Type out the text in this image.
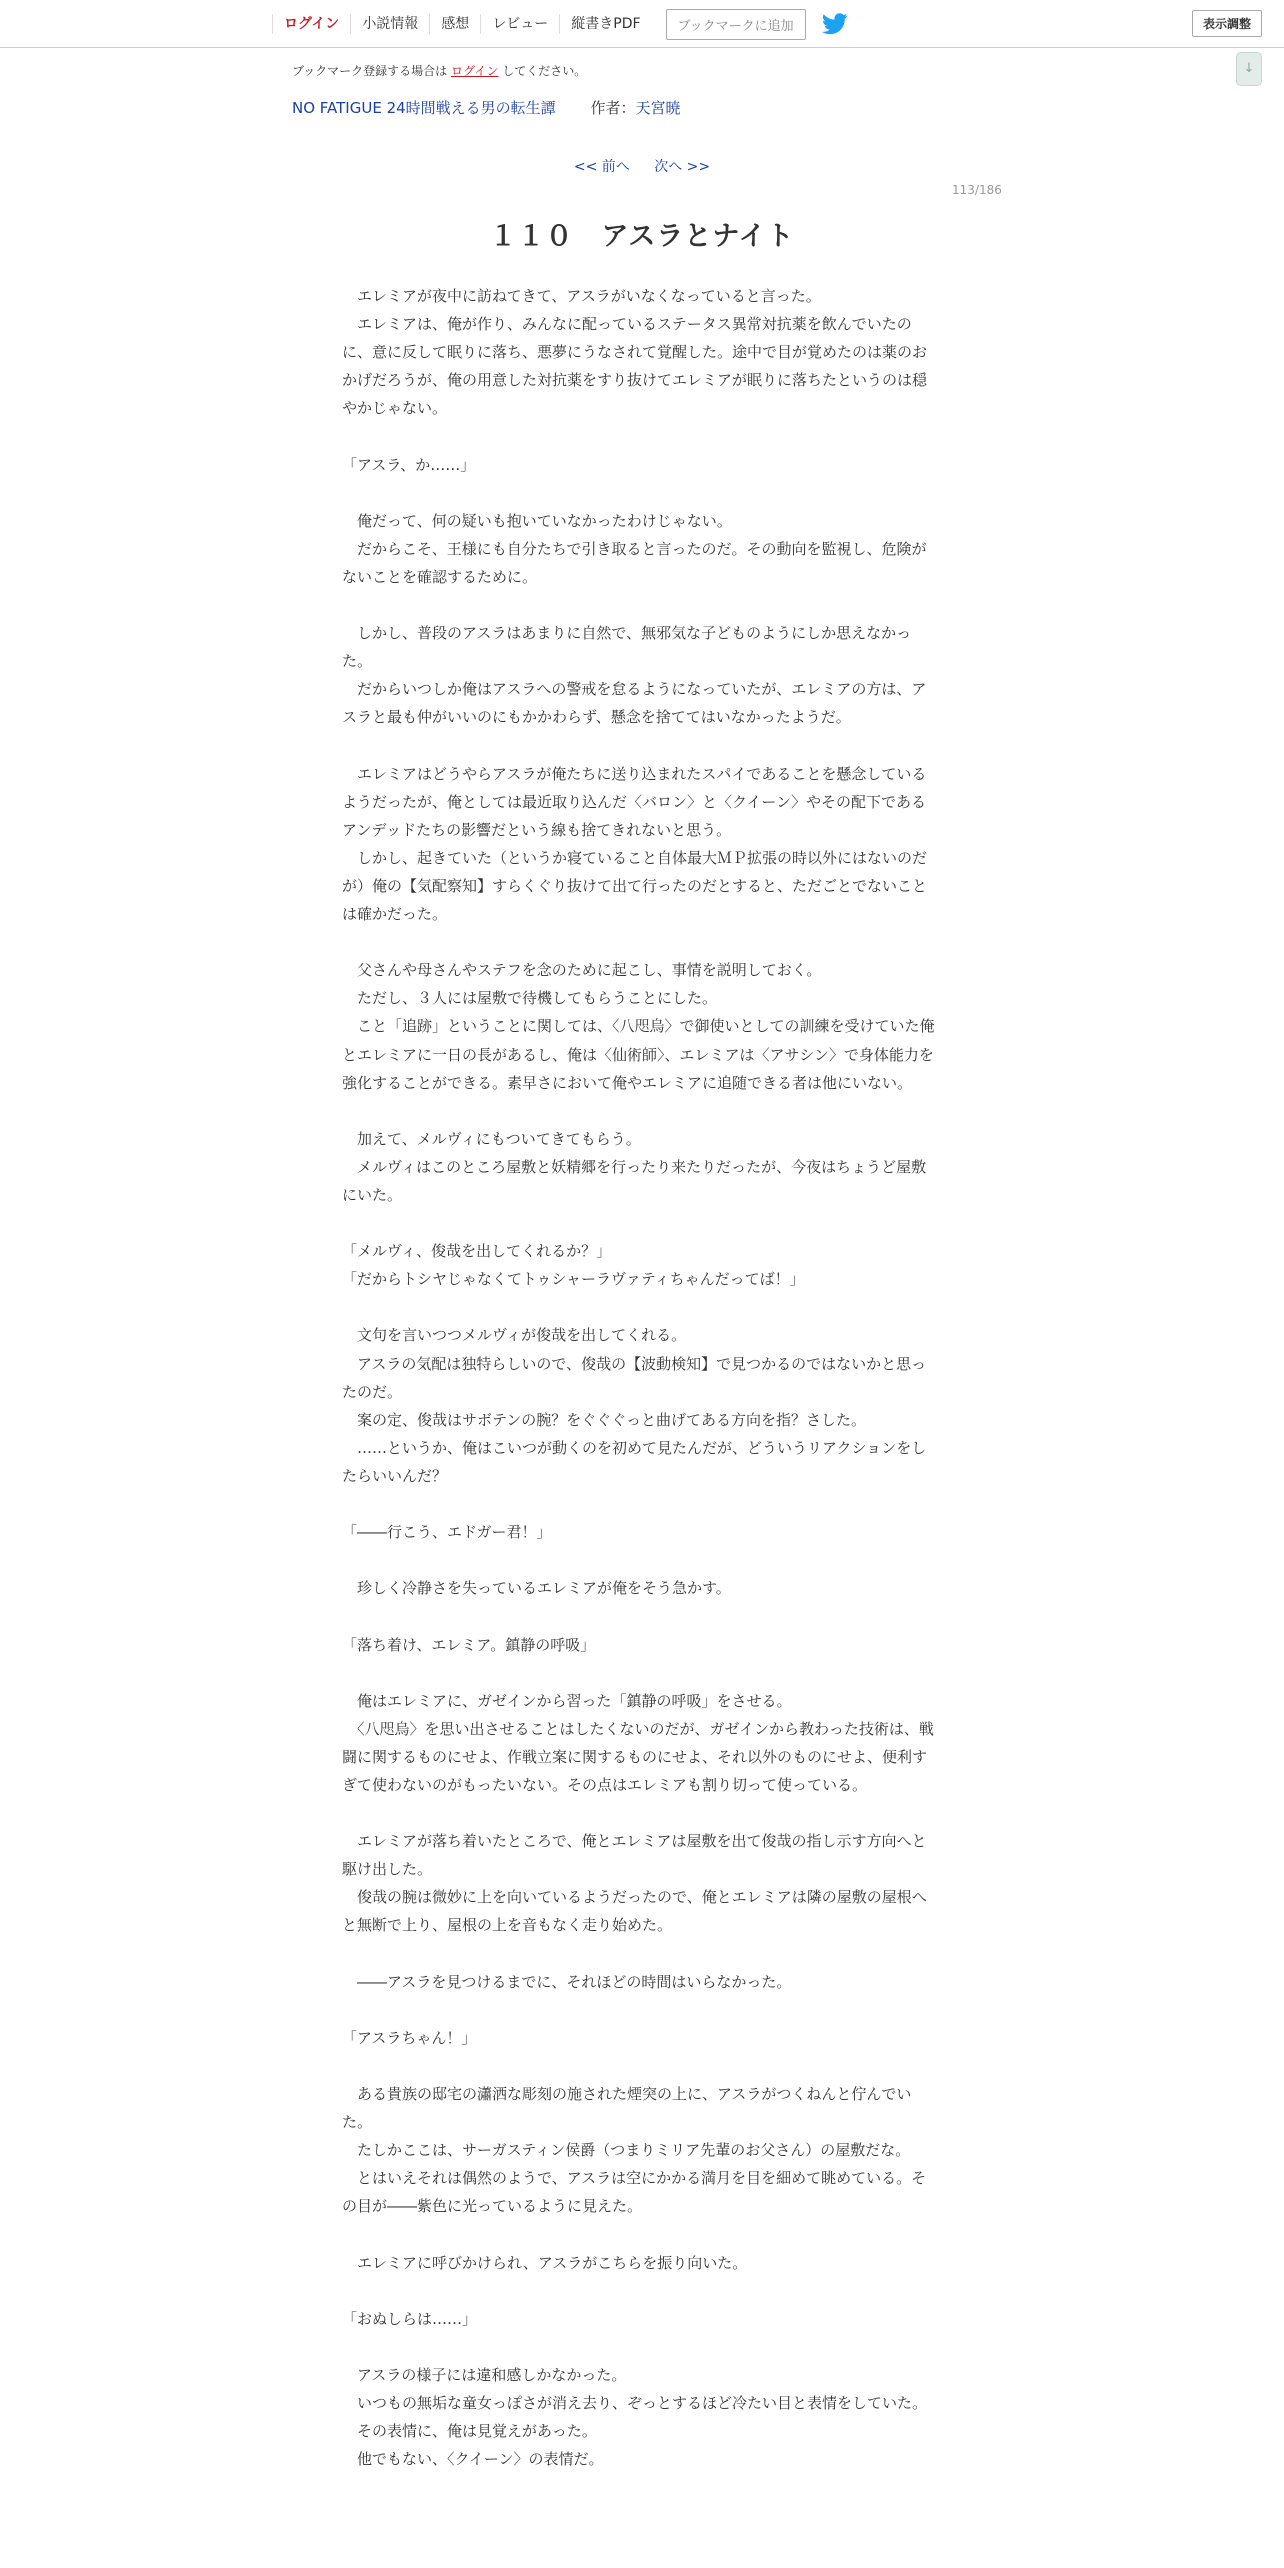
ログイン	小説情報	感想	レビュー	縦書きPDF	ブックマークに追加	表示調整
↓
ブックマーク登録する場合は ログイン してください。
NO FATIGUE 24時間戦える男の転生譚 作者：天宮暁
<< 前へ 次へ >>
113/186
１１０　アスラとナイト

　エレミアが夜中に訪ねてきて、アスラがいなくなっていると言った。

　エレミアは、俺が作り、みんなに配っているステータス異常対抗薬を飲んでいたのに、意に反して眠りに落ち、悪夢にうなされて覚醒した。途中で目が覚めたのは薬のおかげだろうが、俺の用意した対抗薬をすり抜けてエレミアが眠りに落ちたというのは穏やかじゃない。

「アスラ、か……」

　俺だって、何の疑いも抱いていなかったわけじゃない。

　だからこそ、王様にも自分たちで引き取ると言ったのだ。その動向を監視し、危険がないことを確認するために。

　しかし、普段のアスラはあまりに自然で、無邪気な子どものようにしか思えなかった。

　だからいつしか俺はアスラへの警戒を怠るようになっていたが、エレミアの方は、アスラと最も仲がいいのにもかかわらず、懸念を捨ててはいなかったようだ。

　エレミアはどうやらアスラが俺たちに送り込まれたスパイであることを懸念しているようだったが、俺としては最近取り込んだ〈バロン〉と〈クイーン〉やその配下であるアンデッドたちの影響だという線も捨てきれないと思う。

　しかし、起きていた（というか寝ていること自体最大ＭＰ拡張の時以外にはないのだが）俺の【気配察知】すらくぐり抜けて出て行ったのだとすると、ただごとでないことは確かだった。

　父さんや母さんやステフを念のために起こし、事情を説明しておく。

　ただし、３人には屋敷で待機してもらうことにした。

　こと「追跡」ということに関しては、〈八咫烏〉で御使いとしての訓練を受けていた俺とエレミアに一日の長があるし、俺は〈仙術師〉、エレミアは〈アサシン〉で身体能力を強化することができる。素早さにおいて俺やエレミアに追随できる者は他にいない。

　加えて、メルヴィにもついてきてもらう。

　メルヴィはこのところ屋敷と妖精郷を行ったり来たりだったが、今夜はちょうど屋敷にいた。

「メルヴィ、俊哉を出してくれるか？」

「だからトシヤじゃなくてトゥシャーラヴァティちゃんだってば！」

　文句を言いつつメルヴィが俊哉を出してくれる。

　アスラの気配は独特らしいので、俊哉の【波動検知】で見つかるのではないかと思ったのだ。

　案の定、俊哉はサボテンの腕？をぐぐぐっと曲げてある方向を指？さした。

　……というか、俺はこいつが動くのを初めて見たんだが、どういうリアクションをしたらいいんだ？

「――行こう、エドガー君！」

　珍しく冷静さを失っているエレミアが俺をそう急かす。

「落ち着け、エレミア。鎮静の呼吸」

　俺はエレミアに、ガゼインから習った「鎮静の呼吸」をさせる。

　〈八咫烏〉を思い出させることはしたくないのだが、ガゼインから教わった技術は、戦闘に関するものにせよ、作戦立案に関するものにせよ、それ以外のものにせよ、便利すぎて使わないのがもったいない。その点はエレミアも割り切って使っている。

　エレミアが落ち着いたところで、俺とエレミアは屋敷を出て俊哉の指し示す方向へと駆け出した。

　俊哉の腕は微妙に上を向いているようだったので、俺とエレミアは隣の屋敷の屋根へと無断で上り、屋根の上を音もなく走り始めた。

　――アスラを見つけるまでに、それほどの時間はいらなかった。

「アスラちゃん！」

　ある貴族の邸宅の瀟洒な彫刻の施された煙突の上に、アスラがつくねんと佇んでいた。

　たしかここは、サーガスティン侯爵（つまりミリア先輩のお父さん）の屋敷だな。

　とはいえそれは偶然のようで、アスラは空にかかる満月を目を細めて眺めている。その目が――紫色に光っているように見えた。

　エレミアに呼びかけられ、アスラがこちらを振り向いた。

「おぬしらは……」

　アスラの様子には違和感しかなかった。

　いつもの無垢な童女っぽさが消え去り、ぞっとするほど冷たい目と表情をしていた。

　その表情に、俺は見覚えがあった。

　他でもない、〈クイーン〉の表情だ。
